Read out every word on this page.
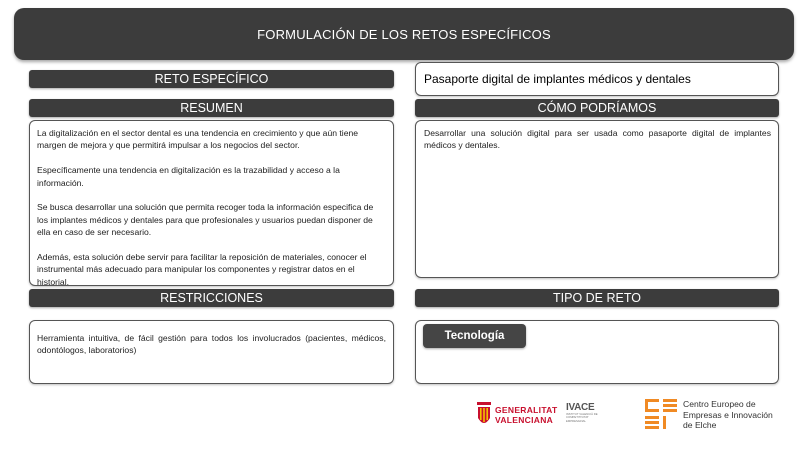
FORMULACIÓN DE LOS RETOS ESPECÍFICOS
RETO ESPECÍFICO
RESUMEN

La digitalización en el sector dental es una tendencia en crecimiento y que aún tiene margen de mejora y que permitirá impulsar a los negocios del sector.

Específicamente una tendencia en digitalización es la trazabilidad y acceso a la información.

Se busca desarrollar una solución que permita recoger toda la información especifica de los implantes médicos y dentales para que profesionales y usuarios puedan disponer de ella en caso de ser necesario.

Además, esta solución debe servir para facilitar la reposición de materiales, conocer el instrumental más adecuado para manipular los componentes y registrar datos en el historial.

RESTRICCIONES
Herramienta intuitiva, de fácil gestión para todos los involucrados (pacientes, médicos, odontólogos, laboratorios)
Pasaporte digital de implantes médicos y dentales
CÓMO PODRÍAMOS
Desarrollar una solución digital para ser usada como pasaporte digital de implantes médicos y dentales.
TIPO DE RETO
Tecnología
GENERALITAT
VALENCIANA
IVACE
INSTITUT VALENCIÀ DE COMPETITIVITAT EMPRESARIAL
Centro Europeo de
Empresas e Innovación
de Elche
